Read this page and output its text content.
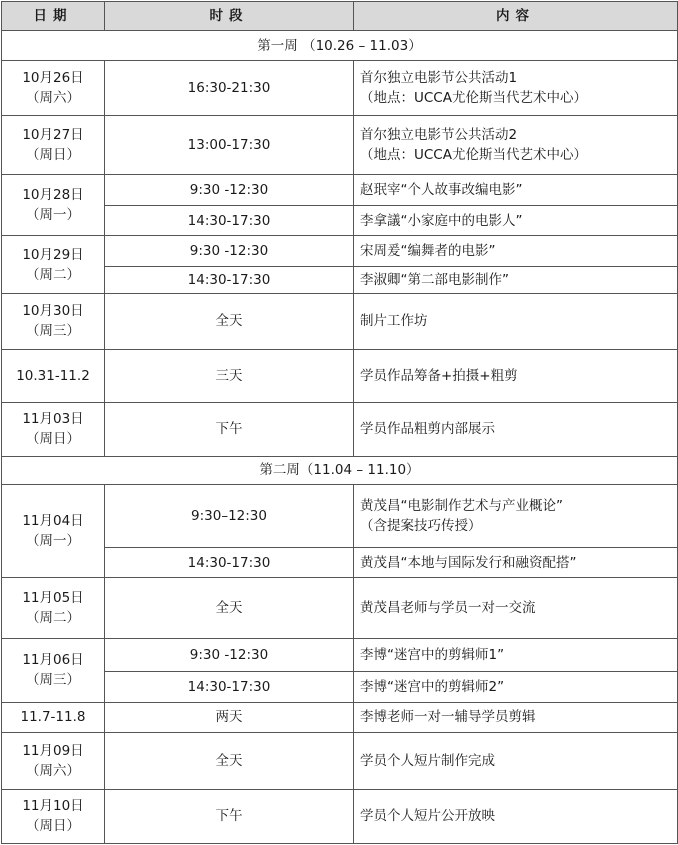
日期	时段	内容
第一周 （10.26 – 11.03）		

10月26日
（周六）	16:30-21:30	首尔独立电影节公共活动1
（地点：UCCA尤伦斯当代艺术中心）

10月27日
（周日）	13:00-17:30	首尔独立电影节公共活动2
（地点：UCCA尤伦斯当代艺术中心）

10月28日
（周一）	9:30 -12:30	赵珉宰“个人故事改编电影”

	14:30-17:30	李拿議“小家庭中的电影人”

10月29日
（周二）	9:30 -12:30	宋周爰“编舞者的电影”

	14:30-17:30	李淑卿“第二部电影制作”

10月30日
（周三）	全天	制片工作坊

10.31-11.2	三天	学员作品筹备+拍摄+粗剪

11月03日
（周日）	下午	学员作品粗剪内部展示

第二周（11.04 – 11.10）		

11月04日
（周一）	9:30–12:30	黄茂昌“电影制作艺术与产业概论”
（含提案技巧传授）

	14:30-17:30	黄茂昌“本地与国际发行和融资配搭”

11月05日
（周二）	全天	黄茂昌老师与学员一对一交流

11月06日
（周三）	9:30 -12:30	李博“迷宫中的剪辑师1”

	14:30-17:30	李博“迷宫中的剪辑师2”

11.7-11.8	两天	李博老师一对一辅导学员剪辑

11月09日
（周六）	全天	学员个人短片制作完成

11月10日
（周日）	下午	学员个人短片公开放映
